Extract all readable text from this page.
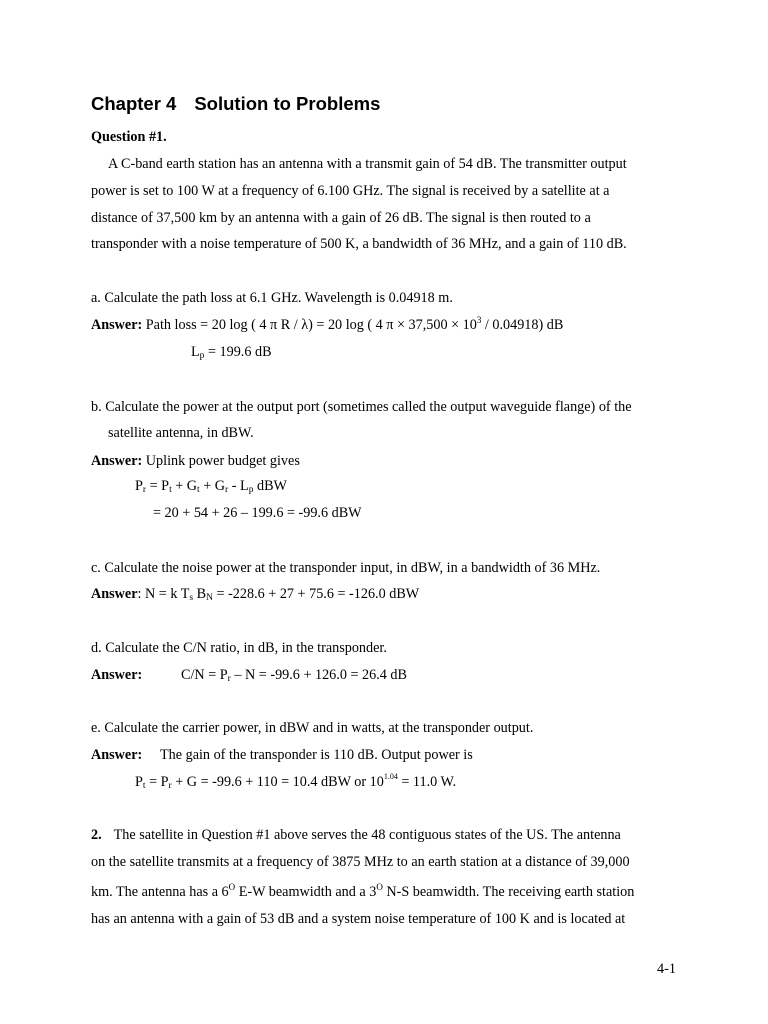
Chapter 4 Solution to Problems
Question #1.
A C-band earth station has an antenna with a transmit gain of 54 dB. The transmitter output
power is set to 100 W at a frequency of 6.100 GHz. The signal is received by a satellite at a
distance of 37,500 km by an antenna with a gain of 26 dB. The signal is then routed to a
transponder with a noise temperature of 500 K, a bandwidth of 36 MHz, and a gain of 110 dB.
a. Calculate the path loss at 6.1 GHz. Wavelength is 0.04918 m.
Answer: Path loss = 20 log ( 4 π R / λ) = 20 log ( 4 $\pi \times 37,500 \times 10^3 / 0.04918$) dB
$L_p = 199.6$ dB
b. Calculate the power at the output port (sometimes called the output waveguide flange) of the
satellite antenna, in dBW.
Answer: Uplink power budget gives
$P_r = P_t + G_t + G_r - L_p$ dBW
= 20 + 54 + 26 – 199.6 = -99.6 dBW
c. Calculate the noise power at the transponder input, in dBW, in a bandwidth of 36 MHz.
Answer: N = k $T_s$ $B_N = -228.6 + 27 + 75.6 = -126.0$ dBW
d. Calculate the C/N ratio, in dB, in the transponder.
Answer:	$C/N = P_r - N = -99.6 + 126.0 = 26.4$ dB
e. Calculate the carrier power, in dBW and in watts, at the transponder output.
Answer: The gain of the transponder is 110 dB. Output power is
$P_t = P_r + G = -99.6 + 110 = 10.4$ dBW or $10^{1.04} = 11.0$ W.
2. The satellite in Question #1 above serves the 48 contiguous states of the US. The antenna
on the satellite transmits at a frequency of 3875 MHz to an earth station at a distance of 39,000
km. The antenna has a $6^O$ E-W beamwidth and a $3^O$ N-S beamwidth. The receiving earth station
has an antenna with a gain of 53 dB and a system noise temperature of 100 K and is located at
4-1
